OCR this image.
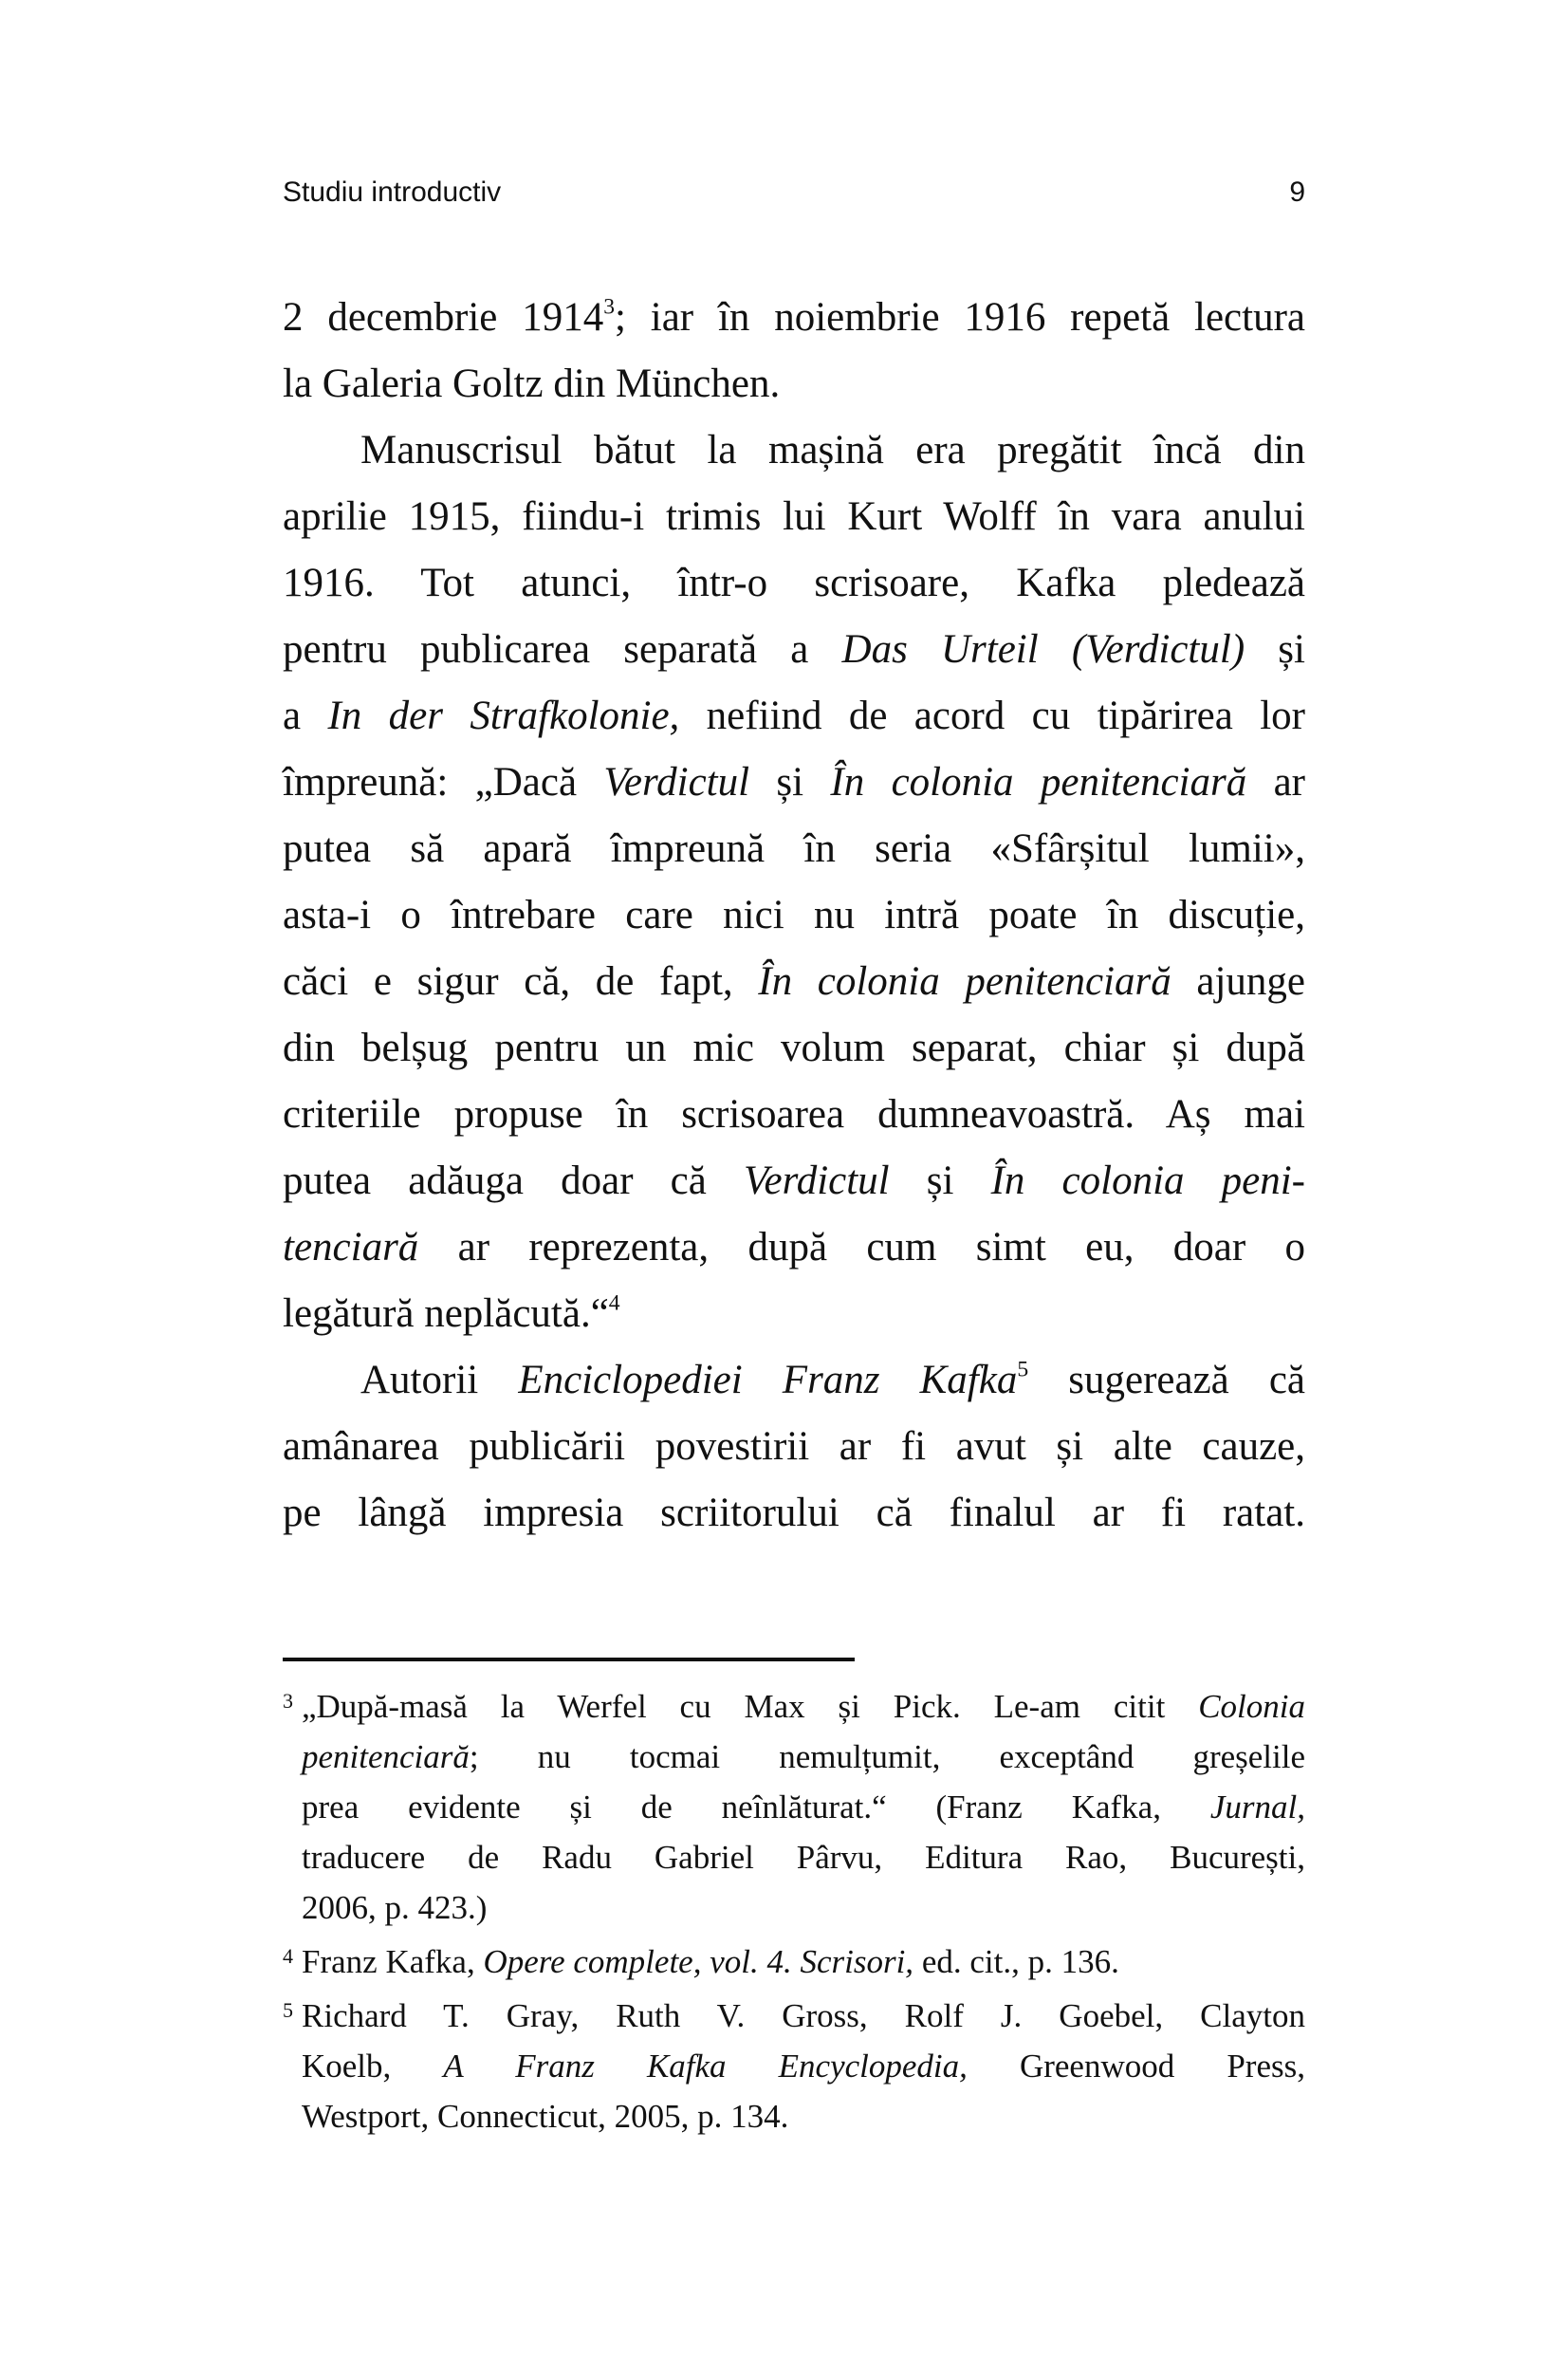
Studiu introductiv	9
2 decembrie 1914$^3$; iar în noiembrie 1916 repetă lectura
la Galeria Goltz din München.
Manuscrisul bătut la mașină era pregătit încă din
aprilie 1915, fiindu-i trimis lui Kurt Wolff în vara anului
1916. Tot atunci, într-o scrisoare, Kafka pledează
pentru publicarea separată a Das Urteil (Verdictul) și
a In der Strafkolonie, nefiind de acord cu tipărirea lor
împreună: „Dacă Verdictul și În colonia penitenciară ar
putea să apară împreună în seria «Sfârșitul lumii»,
asta-i o întrebare care nici nu intră poate în discuție,
căci e sigur că, de fapt, În colonia penitenciară ajunge
din belșug pentru un mic volum separat, chiar și după
criteriile propuse în scrisoarea dumneavoastră. Aș mai
putea adăuga doar că Verdictul și În colonia peni-
tenciară ar reprezenta, după cum simt eu, doar o
legătură neplăcută.“$^4$
Autorii Enciclopediei Franz Kafka$^5$ sugerează că
amânarea publicării povestirii ar fi avut și alte cauze,
pe lângă impresia scriitorului că finalul ar fi ratat.
3 „După-masă la Werfel cu Max și Pick. Le-am citit Colonia
penitenciară; nu tocmai nemulțumit, exceptând greșelile
prea evidente și de neînlăturat.“ (Franz Kafka, Jurnal,
traducere de Radu Gabriel Pârvu, Editura Rao, București,
2006, p. 423.)
4 Franz Kafka, Opere complete, vol. 4. Scrisori, ed. cit., p. 136.
5 Richard T. Gray, Ruth V. Gross, Rolf J. Goebel, Clayton
Koelb, A Franz Kafka Encyclopedia, Greenwood Press,
Westport, Connecticut, 2005, p. 134.
